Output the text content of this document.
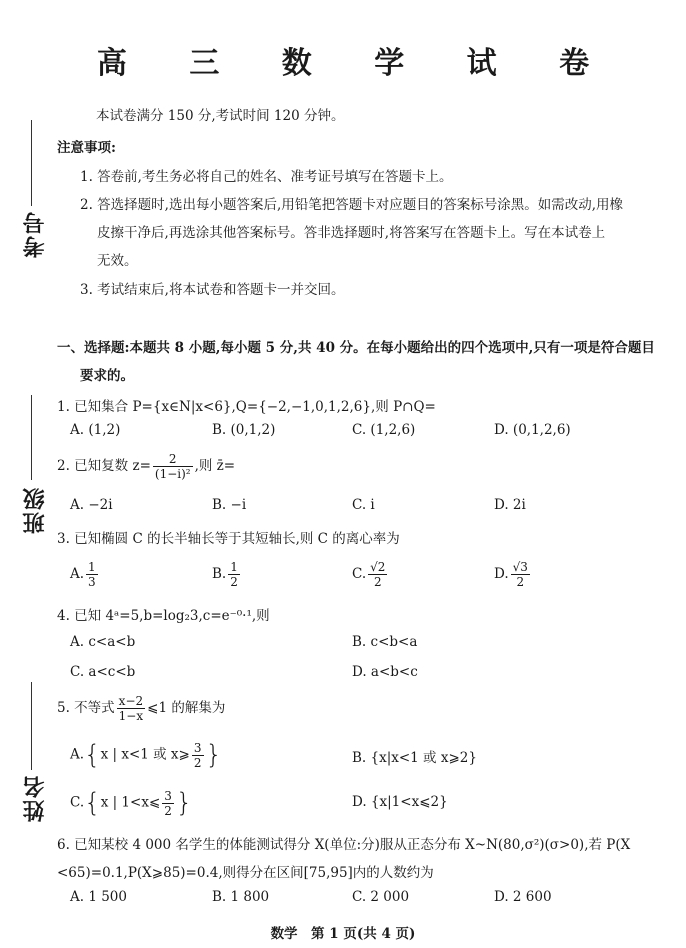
高 三 数 学 试 卷
本试卷满分 150 分,考试时间 120 分钟。
注意事项:
1. 答卷前,考生务必将自己的姓名、准考证号填写在答题卡上。
2. 答选择题时,选出每小题答案后,用铅笔把答题卡对应题目的答案标号涂黑。如需改动,用橡
皮擦干净后,再选涂其他答案标号。答非选择题时,将答案写在答题卡上。写在本试卷上
无效。
3. 考试结束后,将本试卷和答题卡一并交回。
考号
班级
姓名
一、选择题:本题共 8 小题,每小题 5 分,共 40 分。在每小题给出的四个选项中,只有一项是符合题目
要求的。
1. 已知集合 P={x∈N|x<6},Q={−2,−1,0,1,2,6},则 P∩Q=
A. (1,2)	B. (0,1,2)	C. (1,2,6)	D. (0,1,2,6)
2. 已知复数 $z= \frac{2}{\text{(1−i)²}}$ ,则 z̄=
A. −2i	B. −i	C. i	D. 2i
3. 已知椭圆 C 的长半轴长等于其短轴长,则 C 的离心率为
A. $\frac{1}{3}$	B. $\frac{1}{2}$	C. $\frac{√2}{2}$	D. $\frac{√3}{2}$
4. 已知 4ᵃ=5,b=log₂3,c=e⁻⁰·¹,则
A. c<a<b	B. c<b<a
C. a<c<b	D. a<b<c
5. 不等式 $\frac{x-2}{1-x}$ ⩽1 的解集为
A.{x | x<1 或 x⩾ $\frac{3}{2}$ }	B. {x|x<1 或 x⩾2}
C.{x | 1<x⩽ $\frac{3}{2}$ }	D. {x|1<x⩽2}
6. 已知某校 4 000 名学生的体能测试得分 X(单位:分)服从正态分布 X~N(80,σ²)(σ>0),若 P(X
<65)=0.1,P(X⩾85)=0.4,则得分在区间[75,95]内的人数约为
A. 1 500	B. 1 800	C. 2 000	D. 2 600
数学　第 1 页(共 4 页)
